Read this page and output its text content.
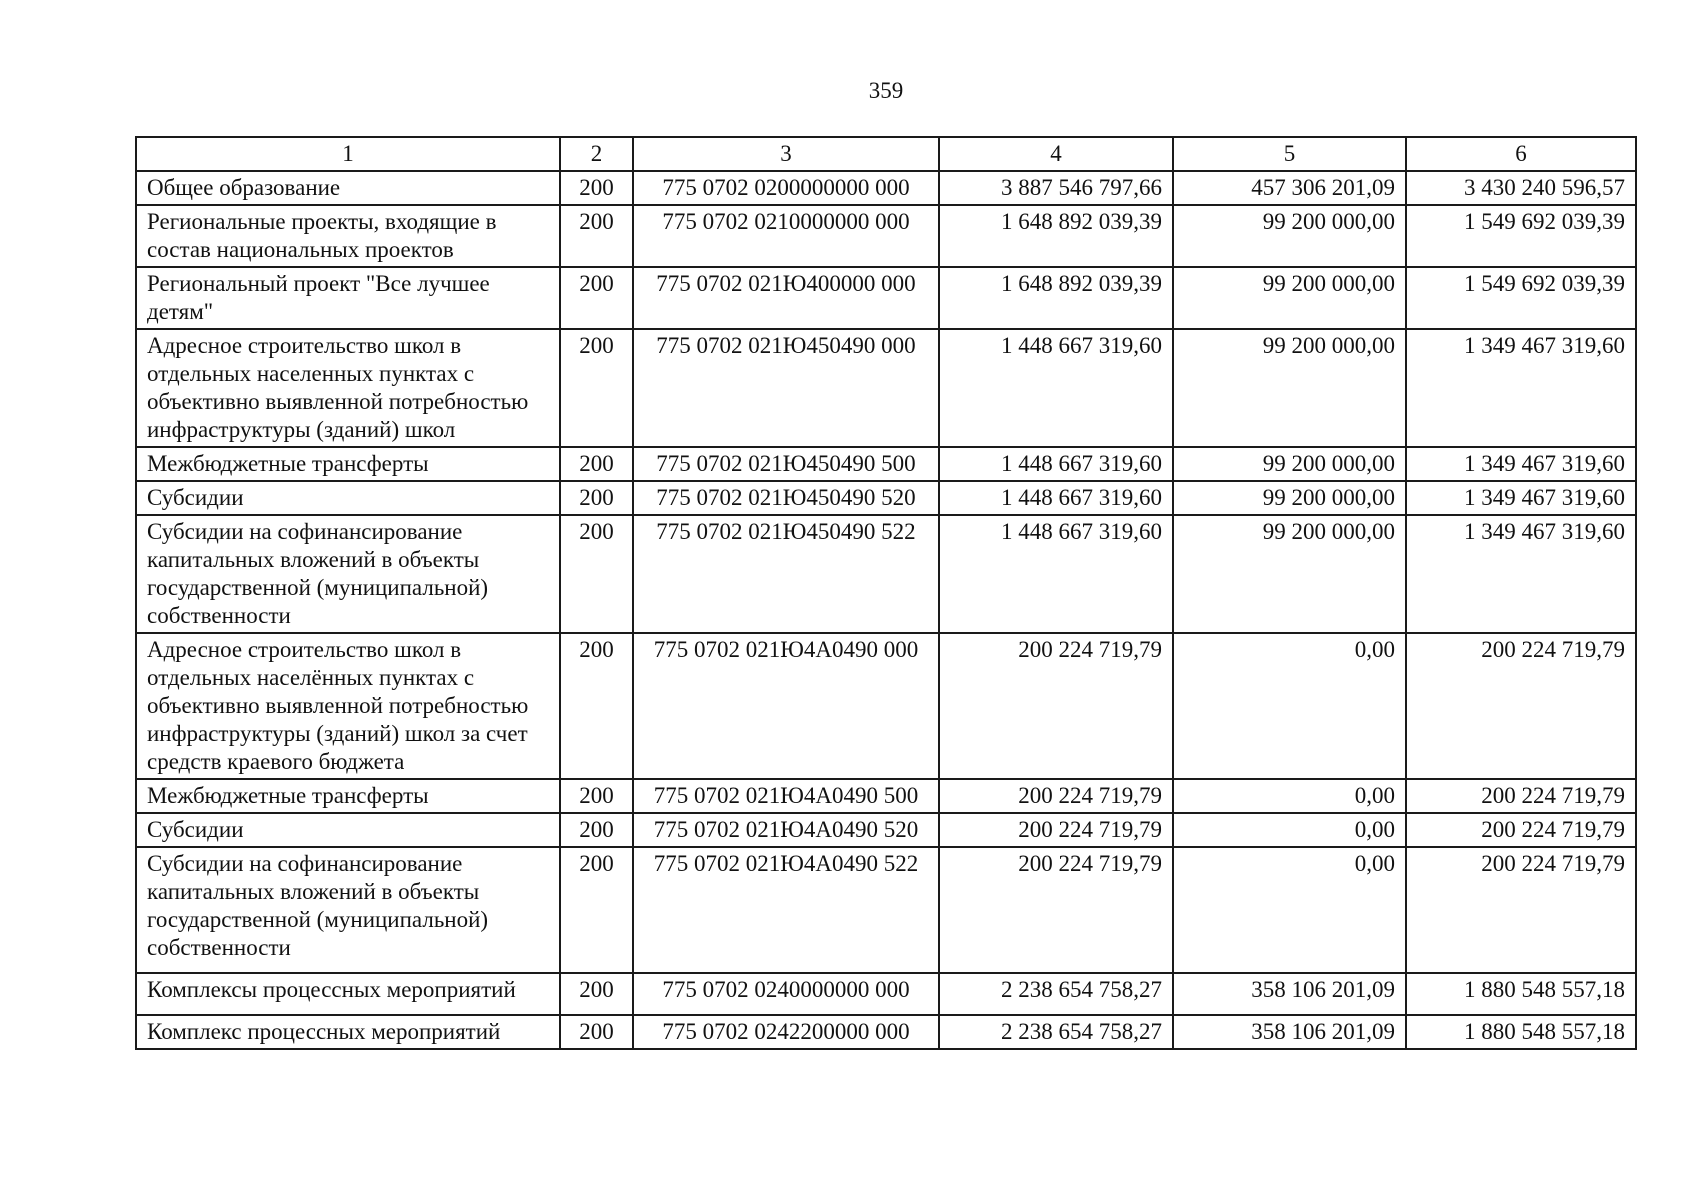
359
1	2	3	4	5	6
Общее образование	200	775 0702 0200000000 000	3 887 546 797,66	457 306 201,09	3 430 240 596,57
Региональные проекты, входящие в состав национальных проектов	200	775 0702 0210000000 000	1 648 892 039,39	99 200 000,00	1 549 692 039,39
Региональный проект "Все лучшее детям"	200	775 0702 021Ю400000 000	1 648 892 039,39	99 200 000,00	1 549 692 039,39
Адресное строительство школ в отдельных населенных пунктах с объективно выявленной потребностью инфраструктуры (зданий) школ	200	775 0702 021Ю450490 000	1 448 667 319,60	99 200 000,00	1 349 467 319,60
Межбюджетные трансферты	200	775 0702 021Ю450490 500	1 448 667 319,60	99 200 000,00	1 349 467 319,60
Субсидии	200	775 0702 021Ю450490 520	1 448 667 319,60	99 200 000,00	1 349 467 319,60
Субсидии на софинансирование капитальных вложений в объекты государственной (муниципальной) собственности	200	775 0702 021Ю450490 522	1 448 667 319,60	99 200 000,00	1 349 467 319,60
Адресное строительство школ в отдельных населённых пунктах с объективно выявленной потребностью инфраструктуры (зданий) школ за счет средств краевого бюджета	200	775 0702 021Ю4А0490 000	200 224 719,79	0,00	200 224 719,79
Межбюджетные трансферты	200	775 0702 021Ю4А0490 500	200 224 719,79	0,00	200 224 719,79
Субсидии	200	775 0702 021Ю4А0490 520	200 224 719,79	0,00	200 224 719,79
Субсидии на софинансирование капитальных вложений в объекты государственной (муниципальной) собственности	200	775 0702 021Ю4А0490 522	200 224 719,79	0,00	200 224 719,79
Комплексы процессных мероприятий	200	775 0702 0240000000 000	2 238 654 758,27	358 106 201,09	1 880 548 557,18
Комплекс процессных мероприятий	200	775 0702 0242200000 000	2 238 654 758,27	358 106 201,09	1 880 548 557,18
